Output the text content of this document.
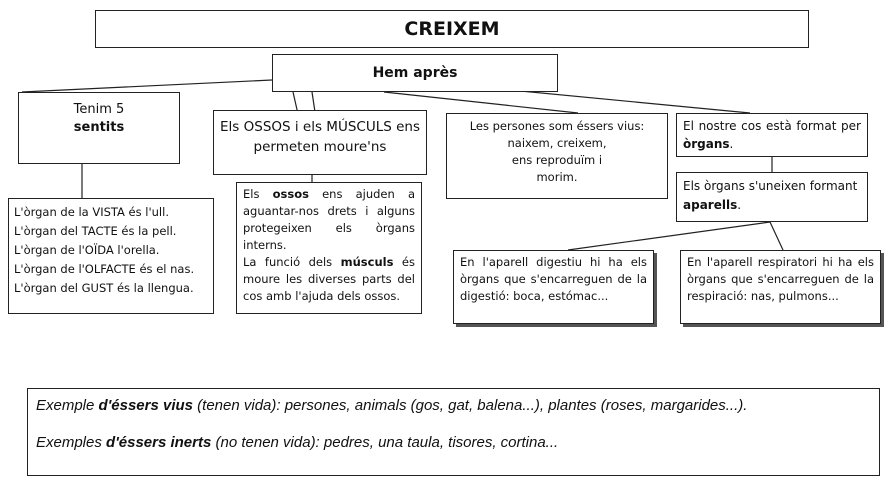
CREIXEM
Hem après
Tenim 5
sentits
L'òrgan de la VISTA és l'ull.
L'òrgan del TACTE és la pell.
L'òrgan de l'OÏDA l'orella.
L'òrgan de l'OLFACTE és el nas.
L'òrgan del GUST és la llengua.
Els OSSOS i els MÚSCULS ens permeten moure'ns
Els ossos ens ajuden a aguantar-nos drets i alguns protegeixen els òrgans interns.
La funció dels músculs és moure les diverses parts del cos amb l'ajuda dels ossos.
Les persones som éssers vius:
naixem, creixem,
ens reproduïm i
morim.
El nostre cos està format per òrgans.
Els òrgans s'uneixen formant aparells.
En l'aparell digestiu hi ha els òrgans que s'encarreguen de la digestió: boca, estómac...
En l'aparell respiratori hi ha els òrgans que s'encarreguen de la respiració: nas, pulmons...
Exemple d'éssers vius (tenen vida): persones, animals (gos, gat, balena...), plantes (roses, margarides...).
Exemples d'éssers inerts (no tenen vida): pedres, una taula, tisores, cortina...
